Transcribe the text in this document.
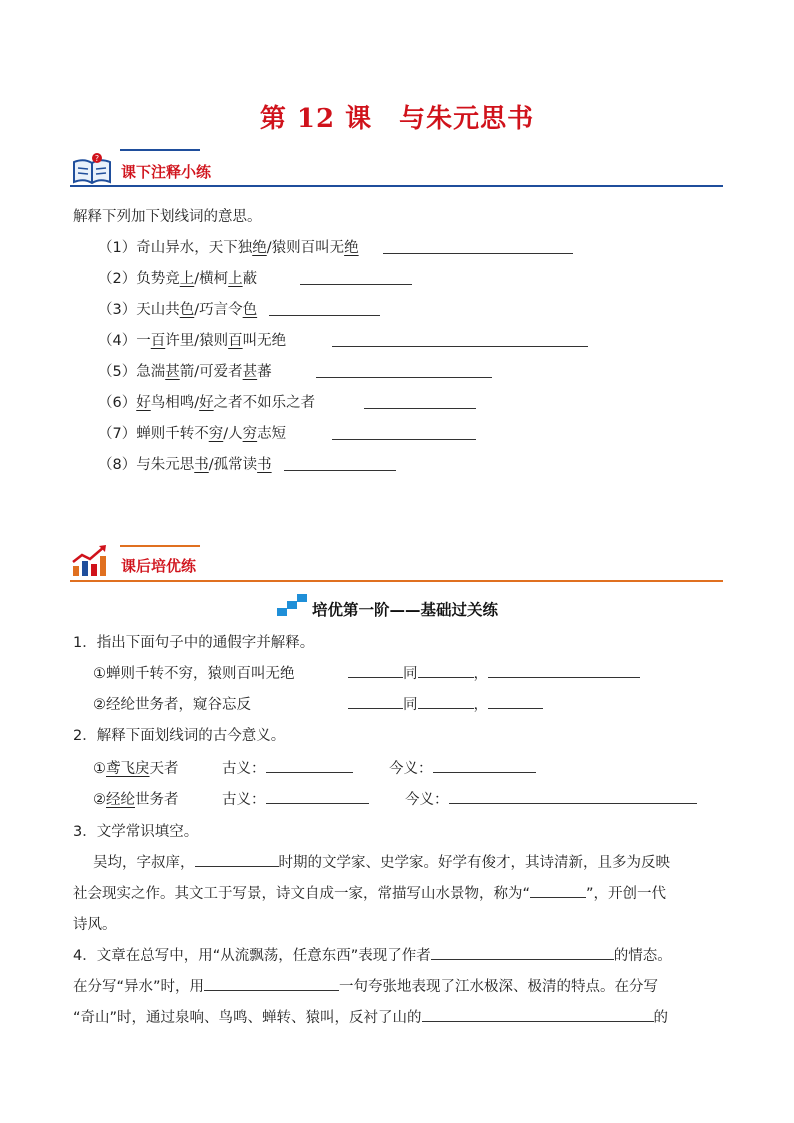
第 12 课　与朱元思书
?
课下注释小练
解释下列加下划线词的意思。
（1）奇山异水，天下独绝/猿则百叫无绝
（2）负势竞上/横柯上蔽
（3）天山共色/巧言令色
（4）一百许里/猿则百叫无绝
（5）急湍甚箭/可爱者甚蕃
（6）好鸟相鸣/好之者不如乐之者
（7）蝉则千转不穷/人穷志短
（8）与朱元思书/孤常读书
课后培优练
培优第一阶——基础过关练
1．指出下面句子中的通假字并解释。
①蝉则千转不穷，猿则百叫无绝	同	，
②经纶世务者，窥谷忘反	同	，
2．解释下面划线词的古今意义。
①鸢飞戾天者	古义：	今义：
②经纶世务者	古义：	今义：
3．文学常识填空。
吴均，字叔庠，	时期的文学家、史学家。好学有俊才，其诗清新，且多为反映
社会现实之作。其文工于写景，诗文自成一家，常描写山水景物，称为“	”，开创一代
诗风。
4．文章在总写中，用“从流飘荡，任意东西”表现了作者	的情态。
在分写“异水”时，用	一句夸张地表现了江水极深、极清的特点。在分写
“奇山”时，通过泉响、鸟鸣、蝉转、猿叫，反衬了山的	的
